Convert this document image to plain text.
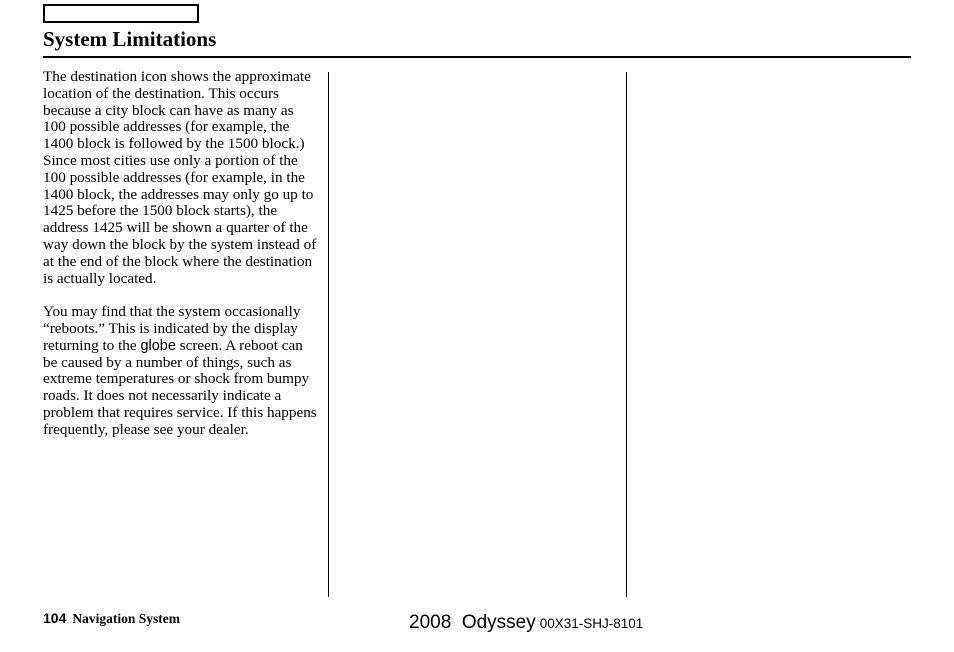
System Limitations

The destination icon shows the approximate location of the destination. This occurs because a city block can have as many as 100 possible addresses (for example, the 1400 block is followed by the 1500 block.) Since most cities use only a portion of the 100 possible addresses (for example, in the 1400 block, the addresses may only go up to 1425 before the 1500 block starts), the address 1425 will be shown a quarter of the way down the block by the system instead of at the end of the block where the destination is actually located.

You may find that the system occasionally “reboots.” This is indicated by the display returning to the globe screen. A reboot can be caused by a number of things, such as extreme temperatures or shock from bumpy roads. It does not necessarily indicate a problem that requires service. If this happens frequently, please see your dealer.

104 Navigation System	2008  Odyssey 00X31-SHJ-8101
